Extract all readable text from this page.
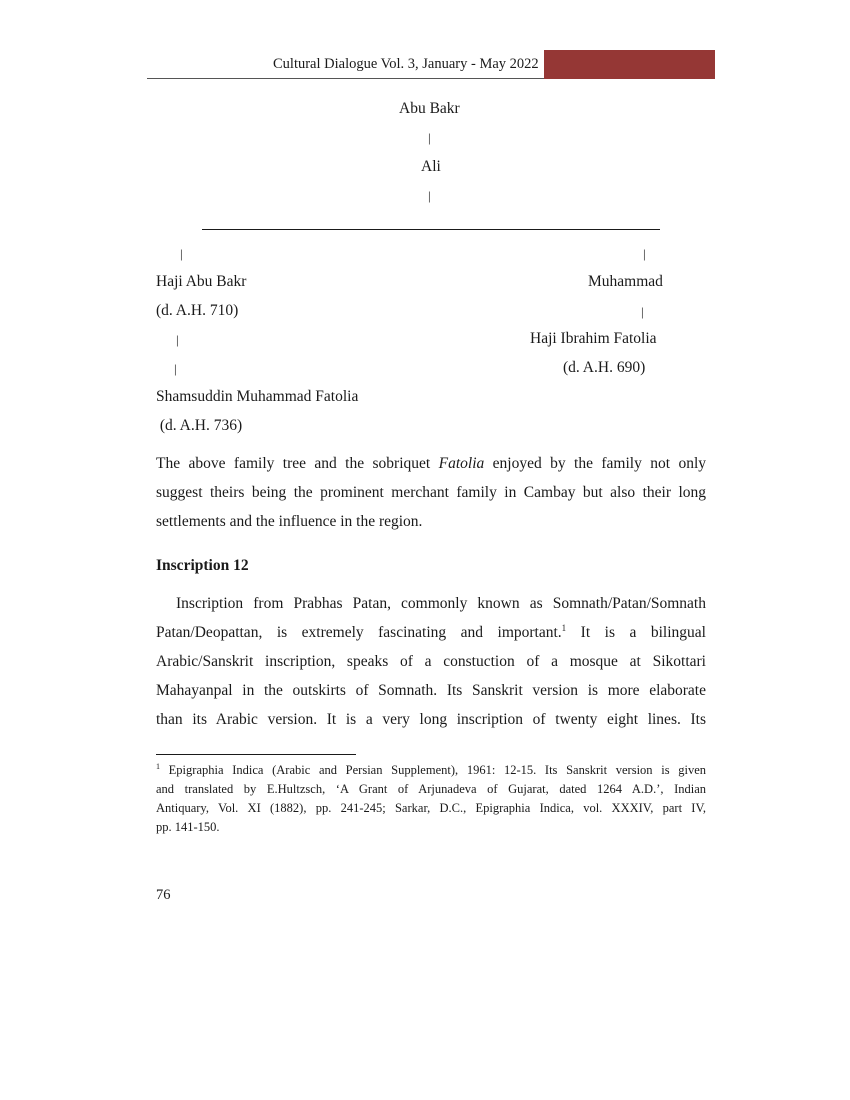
Cultural Dialogue Vol. 3, January - May 2022
Abu Bakr
|
Ali
|
|	|
Haji Abu Bakr	Muhammad
(d. A.H. 710)	|
|	Haji Ibrahim Fatolia
|	(d. A.H. 690)
Shamsuddin Muhammad Fatolia
(d. A.H. 736)
The above family tree and the sobriquet Fatolia enjoyed by the family not only
suggest theirs being the prominent merchant family in Cambay but also their long
settlements and the influence in the region.
Inscription 12
Inscription from Prabhas Patan, commonly known as Somnath/Patan/Somnath
Patan/Deopattan, is extremely fascinating and important.$^1$ It is a bilingual
Arabic/Sanskrit inscription, speaks of a constuction of a mosque at Sikottari
Mahayanpal in the outskirts of Somnath. Its Sanskrit version is more elaborate
than its Arabic version. It is a very long inscription of twenty eight lines. Its
$^1$ Epigraphia Indica (Arabic and Persian Supplement), 1961: 12-15. Its Sanskrit version is given
and translated by E.Hultzsch, ‘A Grant of Arjunadeva of Gujarat, dated 1264 A.D.’, Indian
Antiquary, Vol. XI (1882), pp. 241-245; Sarkar, D.C., Epigraphia Indica, vol. XXXIV, part IV,
pp. 141-150.
76
